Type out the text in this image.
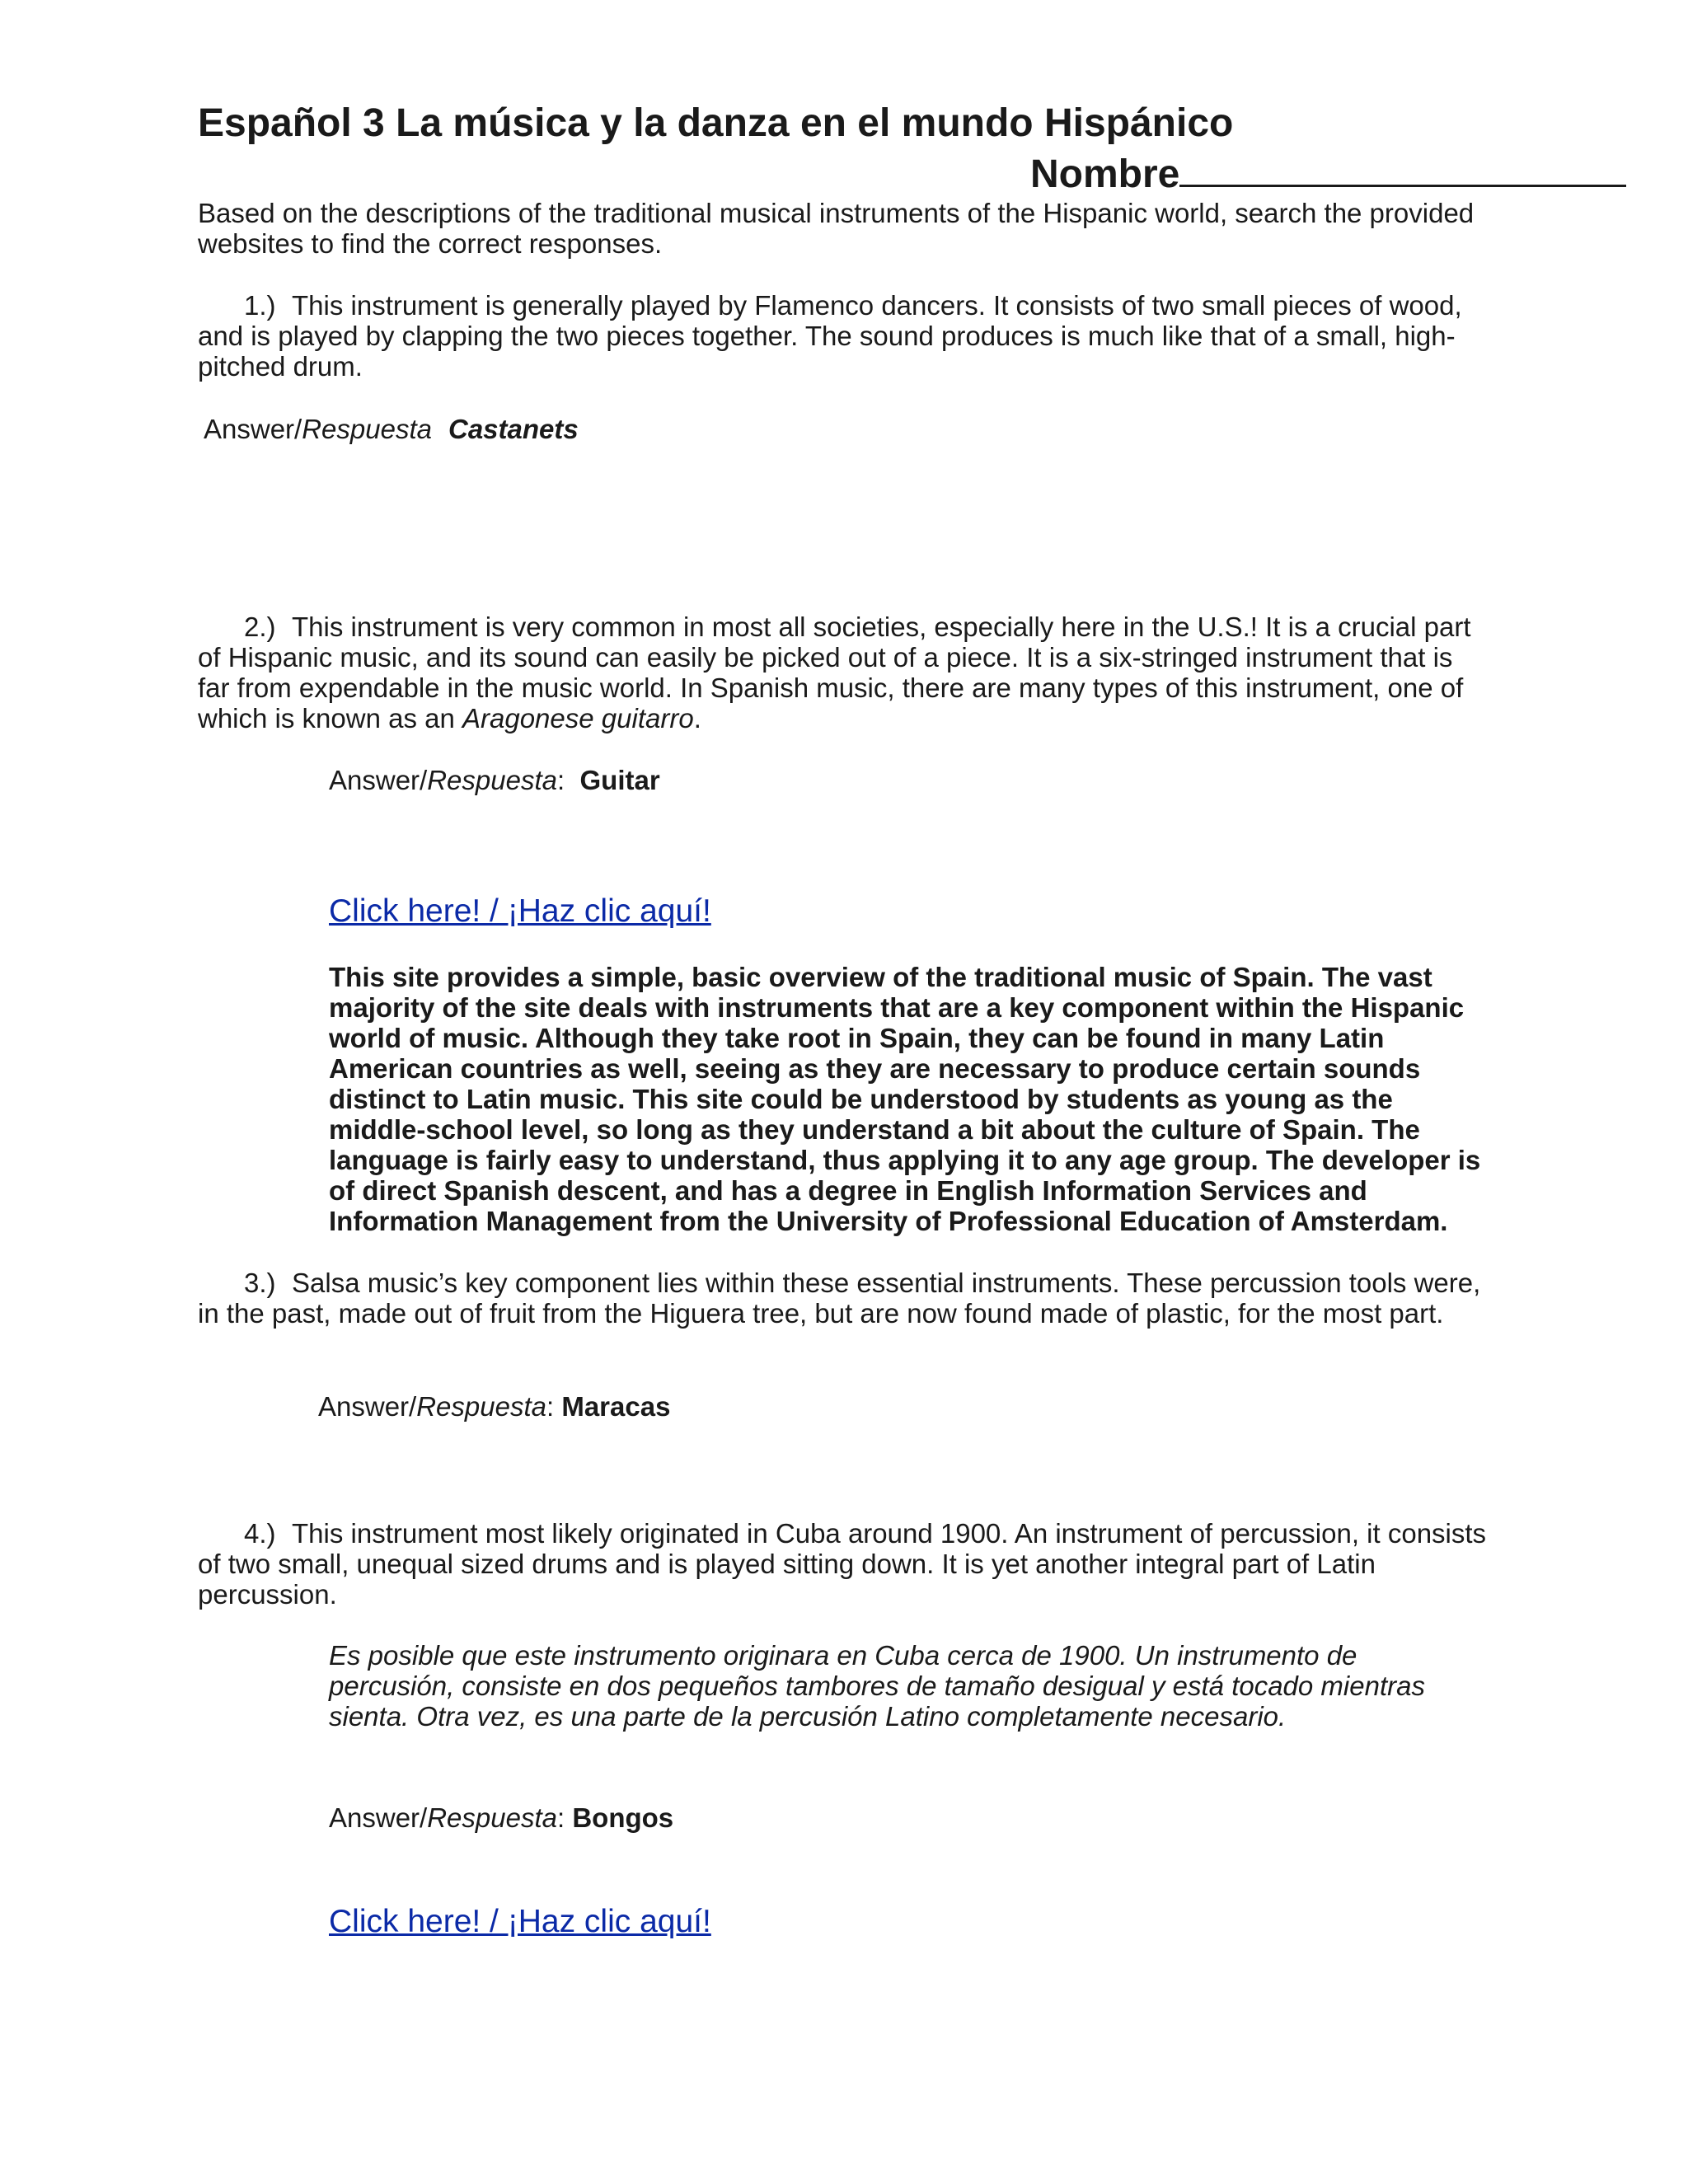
Español 3 La música y la danza en el mundo Hispánico
Nombre

Based on the descriptions of the traditional musical instruments of the Hispanic world, search the provided websites to find the correct responses.

1.) This instrument is generally played by Flamenco dancers. It consists of two small pieces of wood, and is played by clapping the two pieces together. The sound produces is much like that of a small, high-pitched drum.

Answer/Respuesta Castanets

2.) This instrument is very common in most all societies, especially here in the U.S.! It is a crucial part of Hispanic music, and its sound can easily be picked out of a piece. It is a six-stringed instrument that is far from expendable in the music world. In Spanish music, there are many types of this instrument, one of which is known as an Aragonese guitarro.

Answer/Respuesta: Guitar

Click here! / ¡Haz clic aquí!

This site provides a simple, basic overview of the traditional music of Spain. The vast majority of the site deals with instruments that are a key component within the Hispanic world of music. Although they take root in Spain, they can be found in many Latin American countries as well, seeing as they are necessary to produce certain sounds distinct to Latin music. This site could be understood by students as young as the middle-school level, so long as they understand a bit about the culture of Spain. The language is fairly easy to understand, thus applying it to any age group. The developer is of direct Spanish descent, and has a degree in English Information Services and Information Management from the University of Professional Education of Amsterdam.

3.) Salsa music’s key component lies within these essential instruments. These percussion tools were, in the past, made out of fruit from the Higuera tree, but are now found made of plastic, for the most part.

Answer/Respuesta: Maracas

4.) This instrument most likely originated in Cuba around 1900. An instrument of percussion, it consists of two small, unequal sized drums and is played sitting down. It is yet another integral part of Latin percussion.

Es posible que este instrumento originara en Cuba cerca de 1900. Un instrumento de percusión, consiste en dos pequeños tambores de tamaño desigual y está tocado mientras sienta. Otra vez, es una parte de la percusión Latino completamente necesario.

Answer/Respuesta: Bongos

Click here! / ¡Haz clic aquí!
